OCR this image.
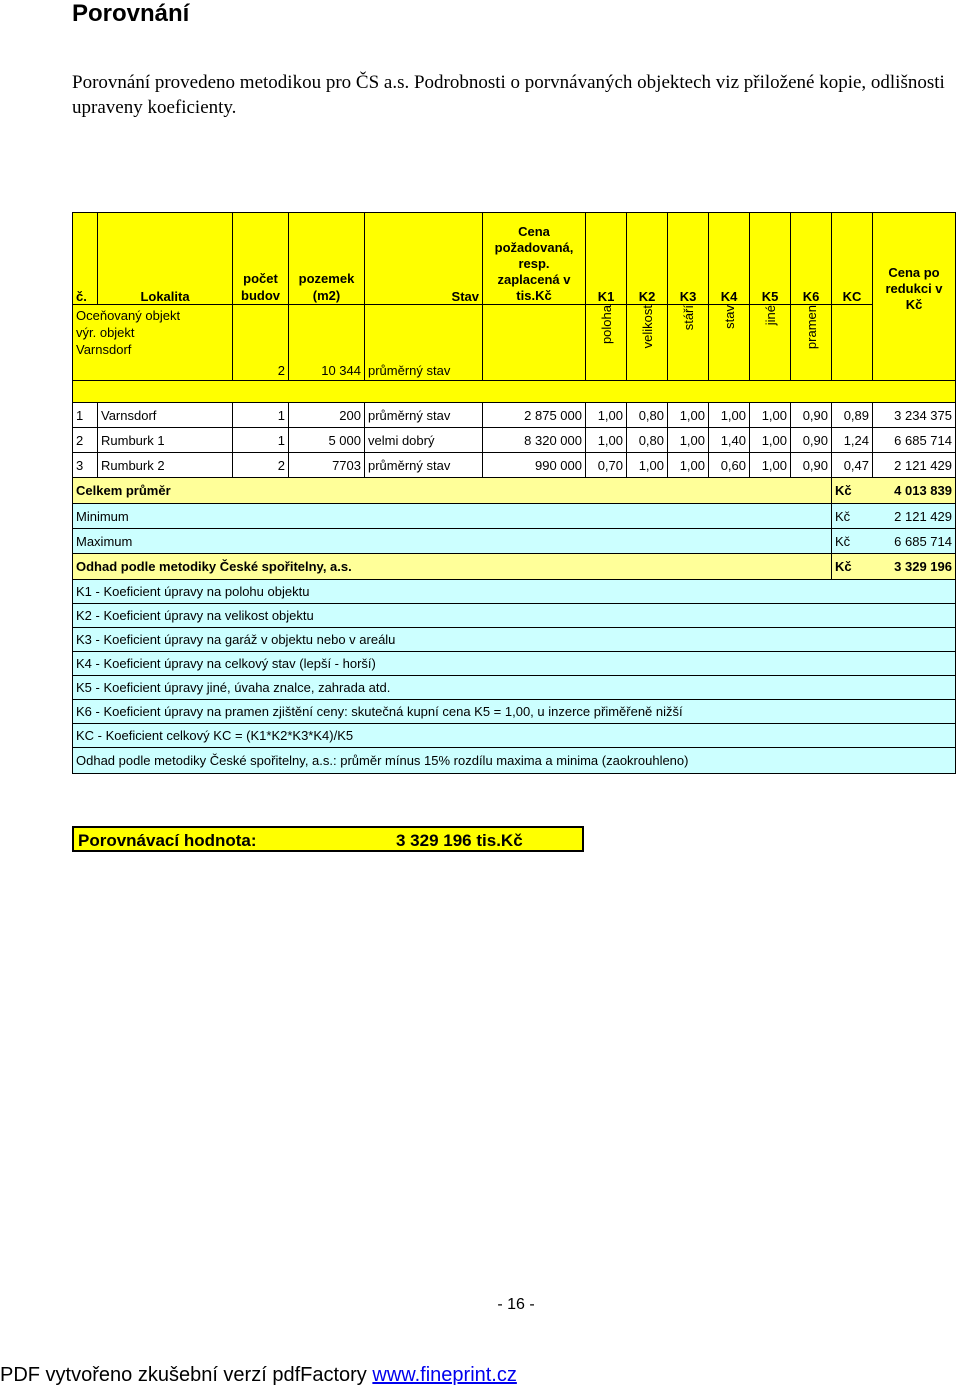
Porovnání
Porovnání provedeno metodikou pro ČS a.s. Podrobnosti o porvnávaných objektech viz přiložené kopie, odlišnosti upraveny koeficienty.
č.	Lokalita	počet budov	pozemek (m2)	Stav	Cena požadovaná, resp. zaplacená v tis.Kč	K1	K2	K3	K4	K5	K6	KC	Cena po redukci v Kč

Oceňovaný objekt
výr. objekt
Varnsdorf		2	10 344	průměrný stav		poloha	velikost	stáří	stav	jiné	pramen		

1	Varnsdorf	1	200	průměrný stav	2 875 000	1,00	0,80	1,00	1,00	1,00	0,90	0,89	3 234 375
2	Rumburk 1	1	5 000	velmi dobrý	8 320 000	1,00	0,80	1,00	1,40	1,00	0,90	1,24	6 685 714
3	Rumburk 2	2	7703	průměrný stav	990 000	0,70	1,00	1,00	0,60	1,00	0,90	0,47	2 121 429
Celkem průměr												Kč	4 013 839
Minimum												Kč	2 121 429
Maximum												Kč	6 685 714
Odhad podle metodiky České spořitelny, a.s.												Kč	3 329 196
K1 - Koeficient úpravy na polohu objektu													
K2 - Koeficient úpravy na velikost objektu													
K3 - Koeficient úpravy na garáž v objektu nebo v areálu													
K4 - Koeficient úpravy na celkový stav (lepší - horší)													
K5 - Koeficient úpravy jiné, úvaha znalce, zahrada atd.													
K6 - Koeficient úpravy na pramen zjištění ceny: skutečná kupní cena K5 = 1,00, u inzerce přiměřeně nižší													
KC - Koeficient celkový KC = (K1*K2*K3*K4)/K5													
Odhad podle metodiky České spořitelny, a.s.: průměr mínus 15% rozdílu maxima a minima (zaokrouhleno)													
Porovnávací hodnota:	3 329 196 tis.Kč
- 16 -
PDF vytvořeno zkušební verzí pdfFactory www.fineprint.cz
